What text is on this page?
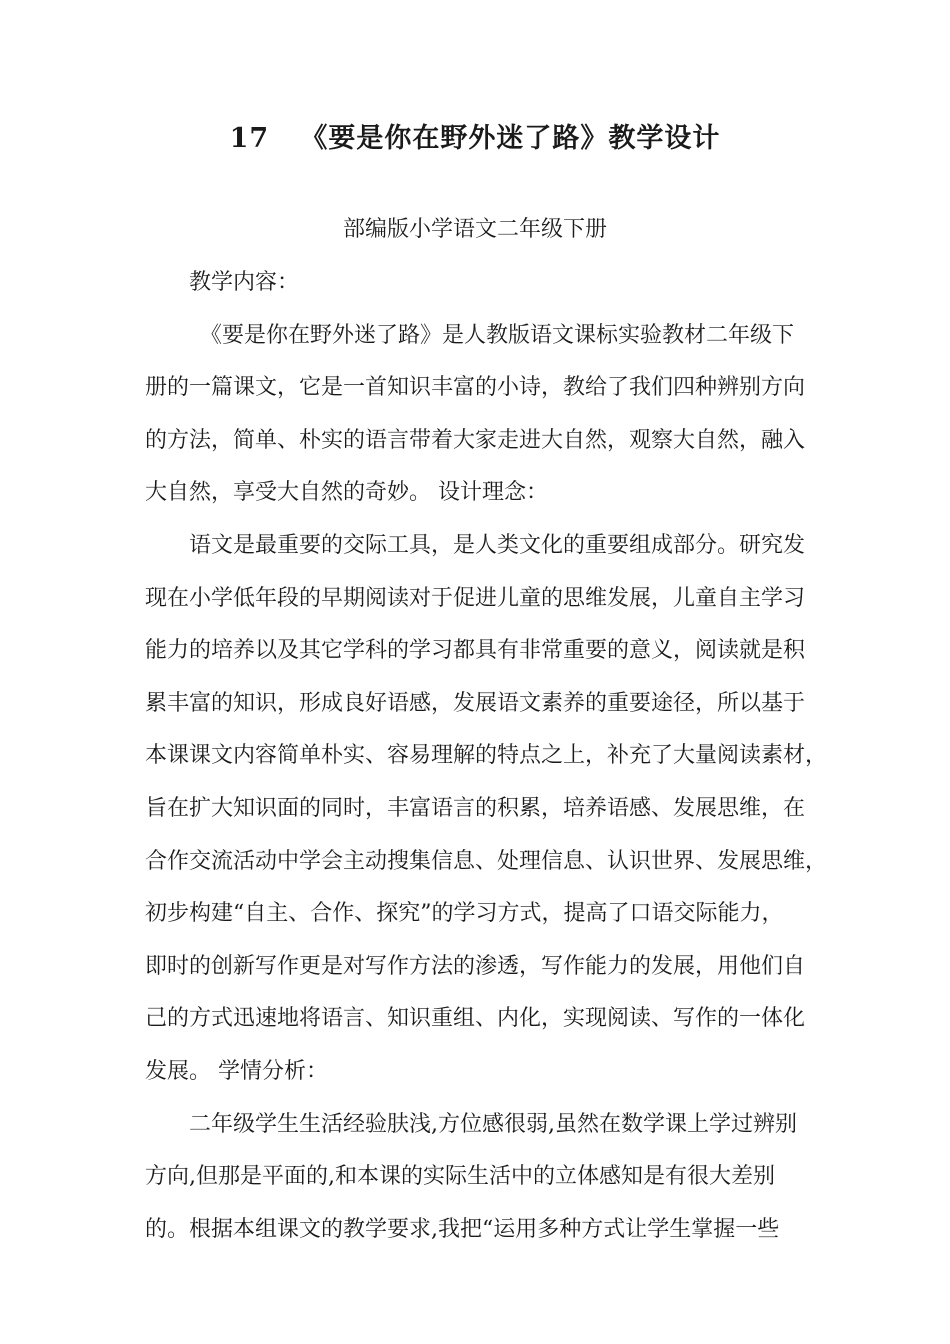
17   《要是你在野外迷了路》教学设计
部编版小学语文二年级下册
教学内容：
《要是你在野外迷了路》是人教版语文课标实验教材二年级下
册的一篇课文，它是一首知识丰富的小诗，教给了我们四种辨别方向
的方法，简单、朴实的语言带着大家走进大自然，观察大自然，融入
大自然，享受大自然的奇妙。 设计理念：
语文是最重要的交际工具，是人类文化的重要组成部分。研究发
现在小学低年段的早期阅读对于促进儿童的思维发展，儿童自主学习
能力的培养以及其它学科的学习都具有非常重要的意义，阅读就是积
累丰富的知识，形成良好语感，发展语文素养的重要途径，所以基于
本课课文内容简单朴实、容易理解的特点之上，补充了大量阅读素材，
旨在扩大知识面的同时，丰富语言的积累，培养语感、发展思维，在
合作交流活动中学会主动搜集信息、处理信息、认识世界、发展思维，
初步构建“自主、合作、探究”的学习方式，提高了口语交际能力，
即时的创新写作更是对写作方法的渗透，写作能力的发展，用他们自
己的方式迅速地将语言、知识重组、内化，实现阅读、写作的一体化
发展。 学情分析：
二年级学生生活经验肤浅,方位感很弱,虽然在数学课上学过辨别
方向,但那是平面的,和本课的实际生活中的立体感知是有很大差别
的。根据本组课文的教学要求,我把“运用多种方式让学生掌握一些
